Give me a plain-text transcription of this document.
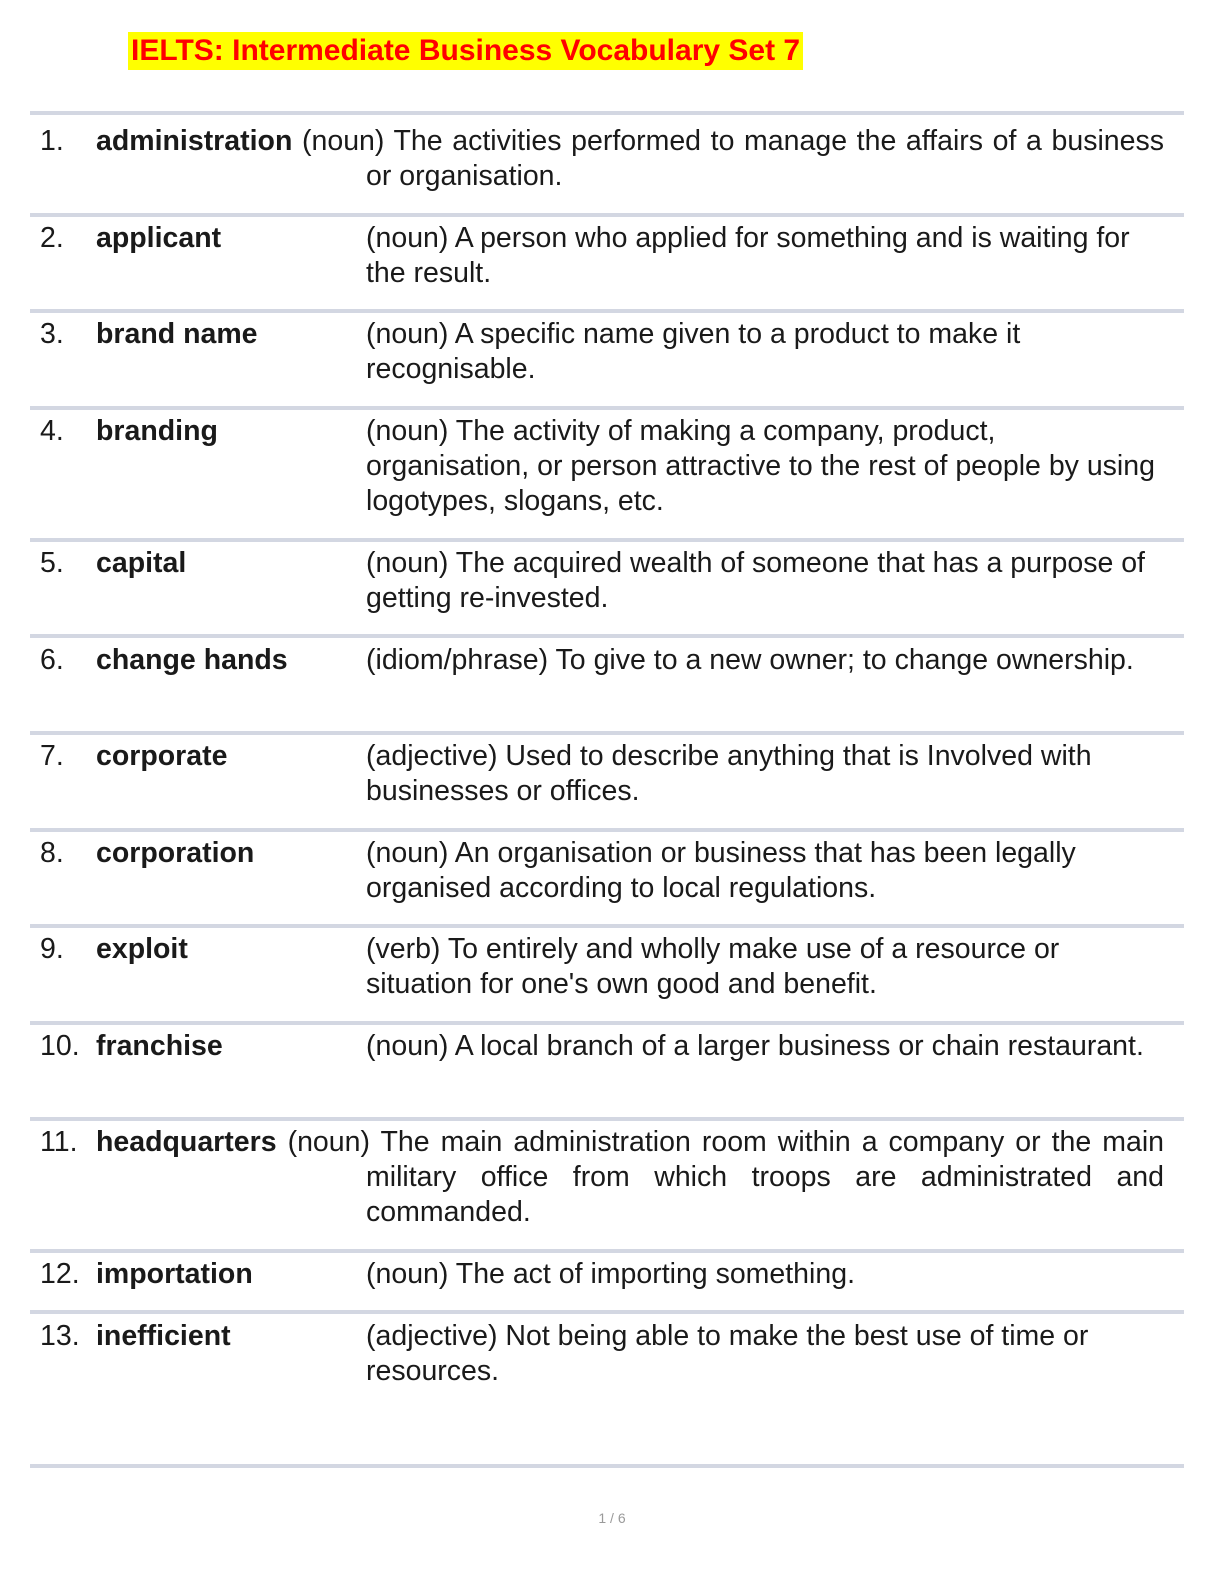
IELTS: Intermediate Business Vocabulary Set 7
1. administration (noun) The activities performed to manage the affairs of a business or organisation.
2. applicant	(noun) A person who applied for something and is waiting for the result.
3. brand name	(noun) A specific name given to a product to make it recognisable.
4. branding	(noun) The activity of making a company, product, organisation, or person attractive to the rest of people by using logotypes, slogans, etc.
5. capital	(noun) The acquired wealth of someone that has a purpose of getting re-invested.
6. change hands	(idiom/phrase) To give to a new owner; to change ownership.
7. corporate	(adjective) Used to describe anything that is Involved with businesses or offices.
8. corporation	(noun) An organisation or business that has been legally organised according to local regulations.
9. exploit	(verb) To entirely and wholly make use of a resource or situation for one's own good and benefit.
10. franchise	(noun) A local branch of a larger business or chain restaurant.
11. headquarters (noun) The main administration room within a company or the main military office from which troops are administrated and commanded.
12. importation	(noun) The act of importing something.
13. inefficient	(adjective) Not being able to make the best use of time or resources.
1 / 6
